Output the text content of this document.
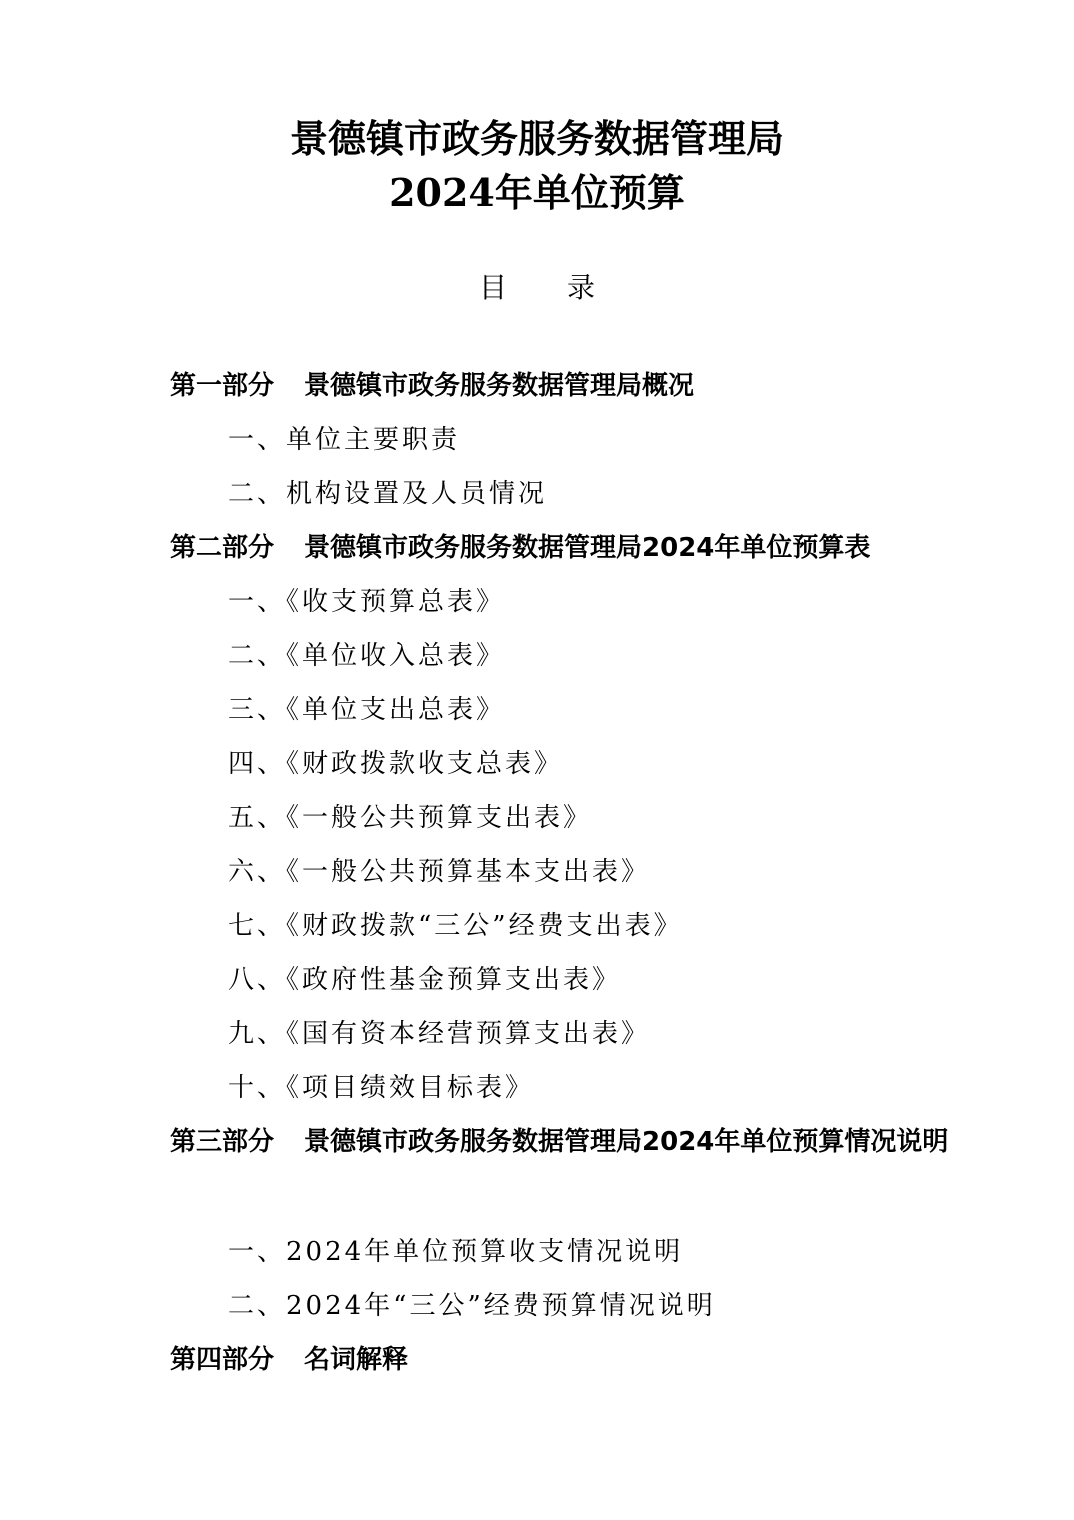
景德镇市政务服务数据管理局
2024年单位预算
目录
第一部分 景德镇市政务服务数据管理局概况
一、单位主要职责
二、机构设置及人员情况
第二部分 景德镇市政务服务数据管理局2024年单位预算表
一、《收支预算总表》
二、《单位收入总表》
三、《单位支出总表》
四、《财政拨款收支总表》
五、《一般公共预算支出表》
六、《一般公共预算基本支出表》
七、《财政拨款“三公”经费支出表》
八、《政府性基金预算支出表》
九、《国有资本经营预算支出表》
十、《项目绩效目标表》
第三部分 景德镇市政务服务数据管理局2024年单位预算情况说明
一、2024年单位预算收支情况说明
二、2024年“三公”经费预算情况说明
第四部分 名词解释
